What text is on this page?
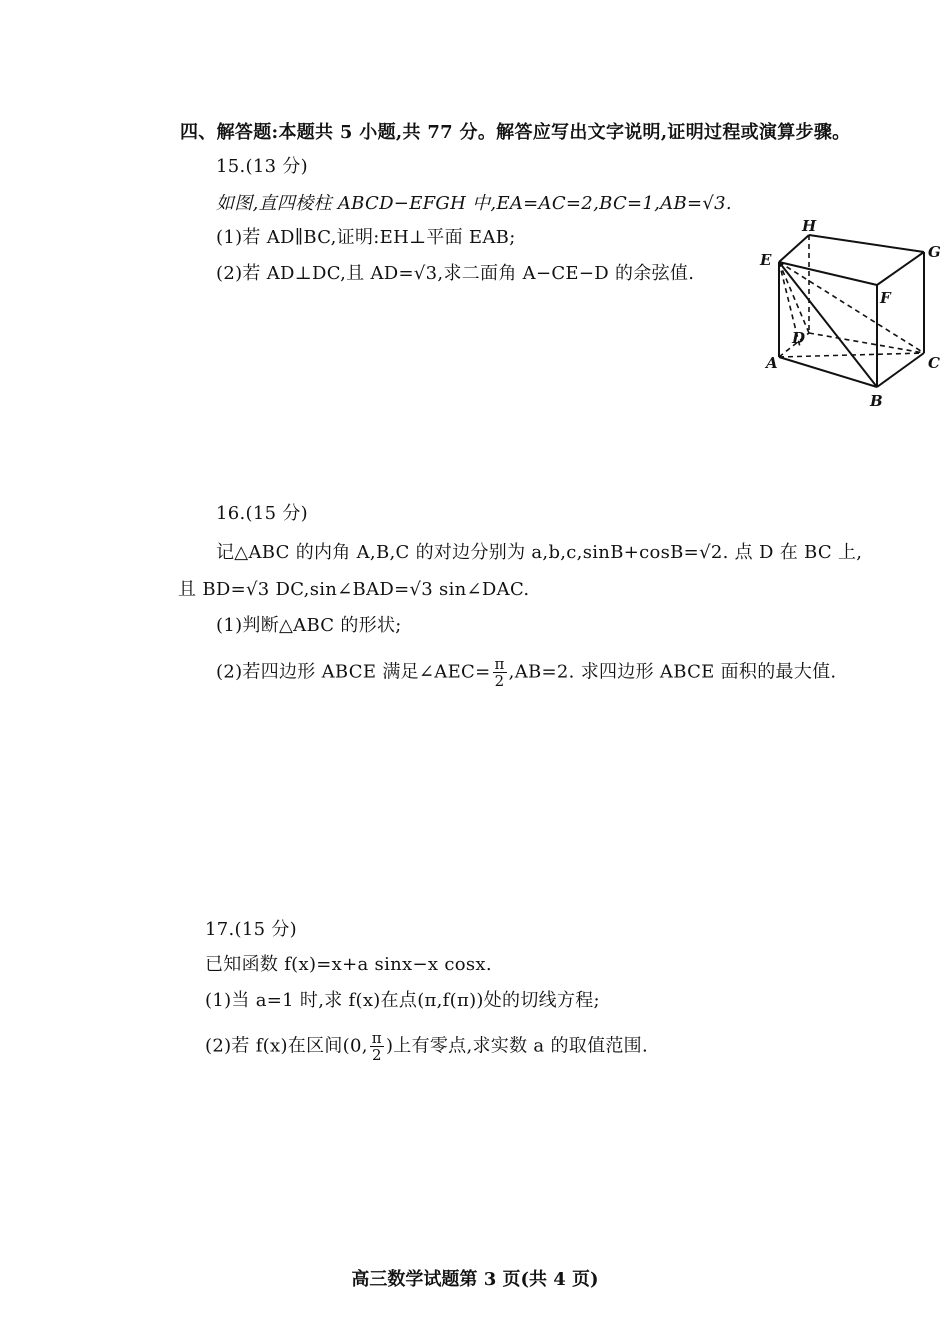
四、解答题:本题共 5 小题,共 77 分。解答应写出文字说明,证明过程或演算步骤。
15.(13 分)
如图,直四棱柱 ABCD−EFGH 中,EA=AC=2,BC=1,AB=√3.
(1)若 AD∥BC,证明:EH⊥平面 EAB;
(2)若 AD⊥DC,且 AD=√3,求二面角 A−CE−D 的余弦值.
H
G
E
F
D
A	C
B
16.(15 分)
记△ABC 的内角 A,B,C 的对边分别为 a,b,c,sinB+cosB=√2. 点 D 在 BC 上,
且 BD=√3 DC,sin∠BAD=√3 sin∠DAC.
(1)判断△ABC 的形状;
(2)若四边形 ABCE 满足∠AEC= $\frac{\pi}{2} ,AB=2$. 求四边形 ABCE 面积的最大值.
17.(15 分)
已知函数 f(x)=x+a sinx−x cosx.
(1)当 a=1 时,求 f(x)在点(π,f(π))处的切线方程;
(2)若 f(x)在区间(0, $\frac{\pi}{2}$ )上有零点,求实数 a 的取值范围.
高三数学试题第 3 页(共 4 页)
